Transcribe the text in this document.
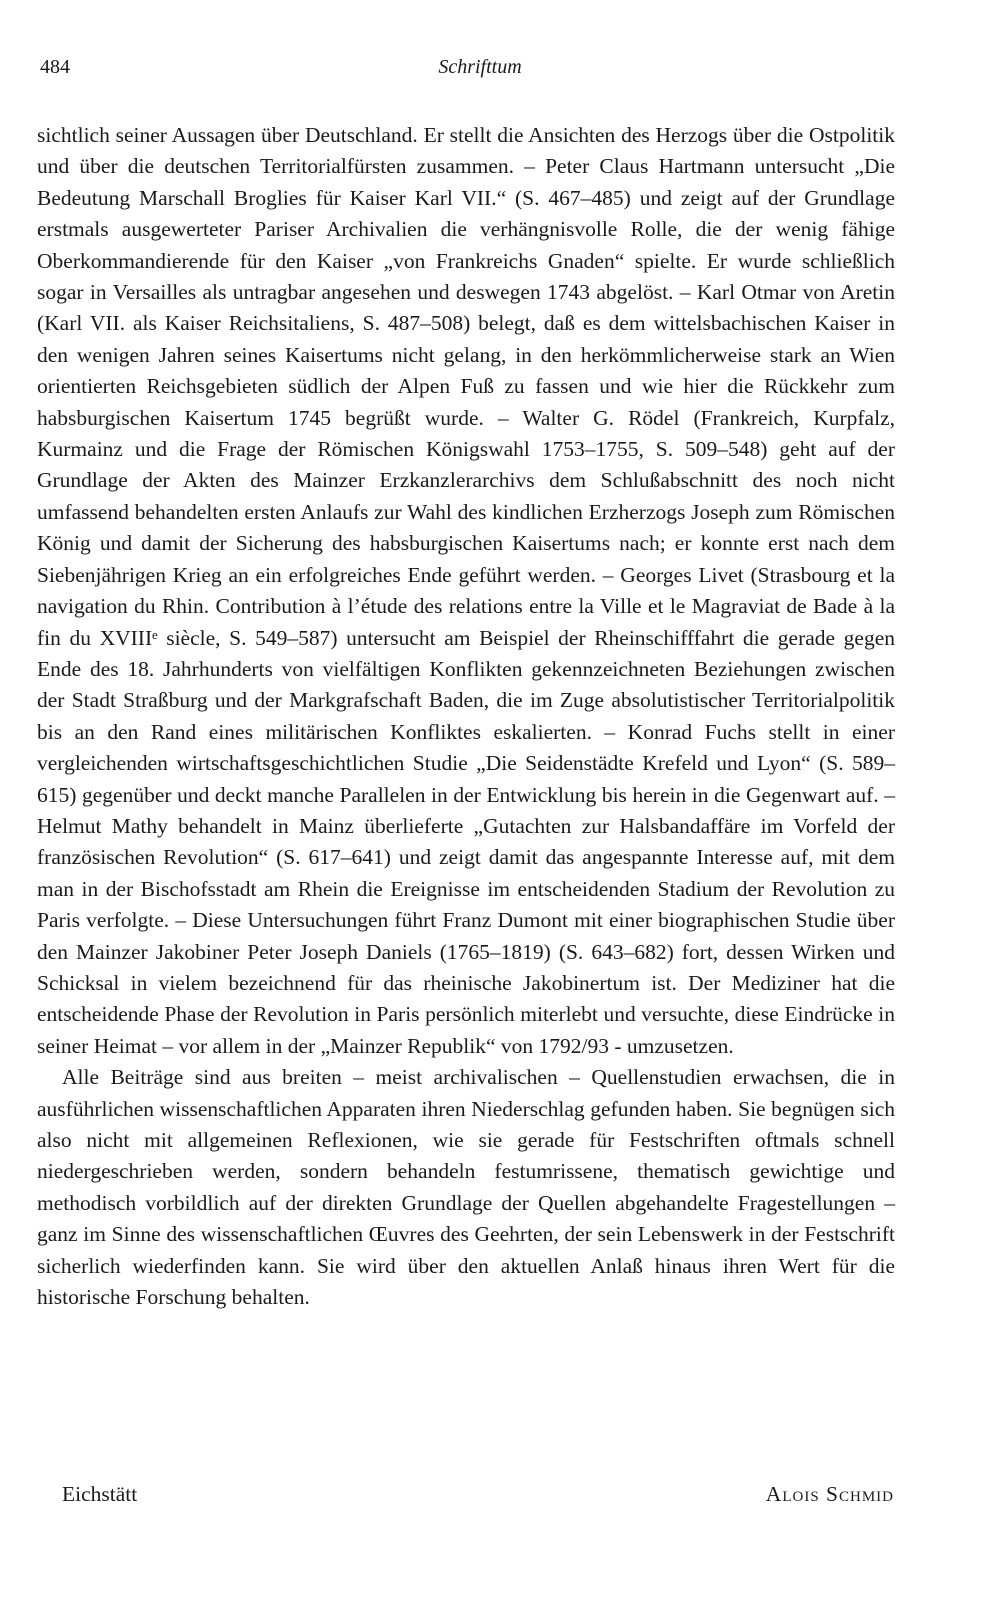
484	Schrifttum

sichtlich seiner Aussagen über Deutschland. Er stellt die Ansichten des Herzogs über die Ostpolitik und über die deutschen Territorialfürsten zusammen. – Peter Claus Hartmann untersucht „Die Bedeutung Marschall Broglies für Kaiser Karl VII.“ (S. 467–485) und zeigt auf der Grundlage erstmals ausgewerteter Pariser Archivalien die verhängnisvolle Rolle, die der wenig fähige Oberkommandierende für den Kaiser „von Frankreichs Gnaden“ spielte. Er wurde schließlich sogar in Versailles als untragbar angesehen und deswegen 1743 abgelöst. – Karl Otmar von Aretin (Karl VII. als Kaiser Reichsitaliens, S. 487–508) belegt, daß es dem wittelsbachischen Kaiser in den wenigen Jahren seines Kaisertums nicht gelang, in den herkömmlicherweise stark an Wien orientierten Reichsgebieten südlich der Alpen Fuß zu fassen und wie hier die Rückkehr zum habsburgischen Kaisertum 1745 begrüßt wurde. – Walter G. Rödel (Frankreich, Kurpfalz, Kurmainz und die Frage der Römischen Königswahl 1753–1755, S. 509–548) geht auf der Grundlage der Akten des Mainzer Erzkanzlerarchivs dem Schlußabschnitt des noch nicht umfassend behandelten ersten Anlaufs zur Wahl des kindlichen Erzherzogs Joseph zum Römischen König und damit der Sicherung des habsburgischen Kaisertums nach; er konnte erst nach dem Siebenjährigen Krieg an ein erfolgreiches Ende geführt werden. – Georges Livet (Strasbourg et la navigation du Rhin. Contribution à l’étude des relations entre la Ville et le Magraviat de Bade à la fin du XVIIIᵉ siècle, S. 549–587) untersucht am Beispiel der Rheinschifffahrt die gerade gegen Ende des 18. Jahrhunderts von vielfältigen Konflikten gekennzeichneten Beziehungen zwischen der Stadt Straßburg und der Markgrafschaft Baden, die im Zuge absolutistischer Territorialpolitik bis an den Rand eines militärischen Konfliktes eskalierten. – Konrad Fuchs stellt in einer vergleichenden wirtschaftsgeschichtlichen Studie „Die Seidenstädte Krefeld und Lyon“ (S. 589–615) gegenüber und deckt manche Parallelen in der Entwicklung bis herein in die Gegenwart auf. – Helmut Mathy behandelt in Mainz überlieferte „Gutachten zur Halsbandaffäre im Vorfeld der französischen Revolution“ (S. 617–641) und zeigt damit das angespannte Interesse auf, mit dem man in der Bischofsstadt am Rhein die Ereignisse im entscheidenden Stadium der Revolution zu Paris verfolgte. – Diese Untersuchungen führt Franz Dumont mit einer biographischen Studie über den Mainzer Jakobiner Peter Joseph Daniels (1765–1819) (S. 643–682) fort, dessen Wirken und Schicksal in vielem bezeichnend für das rheinische Jakobinertum ist. Der Mediziner hat die entscheidende Phase der Revolution in Paris persönlich miterlebt und versuchte, diese Eindrücke in seiner Heimat – vor allem in der „Mainzer Republik“ von 1792/93 - umzusetzen.

Alle Beiträge sind aus breiten – meist archivalischen – Quellenstudien erwachsen, die in ausführlichen wissenschaftlichen Apparaten ihren Niederschlag gefunden haben. Sie begnügen sich also nicht mit allgemeinen Reflexionen, wie sie gerade für Festschriften oftmals schnell niedergeschrieben werden, sondern behandeln festumrissene, thematisch gewichtige und methodisch vorbildlich auf der direkten Grundlage der Quellen abgehandelte Fragestellungen – ganz im Sinne des wissenschaftlichen Œuvres des Geehrten, der sein Lebenswerk in der Festschrift sicherlich wiederfinden kann. Sie wird über den aktuellen Anlaß hinaus ihren Wert für die historische Forschung behalten.

Eichstätt	Alois Schmid
